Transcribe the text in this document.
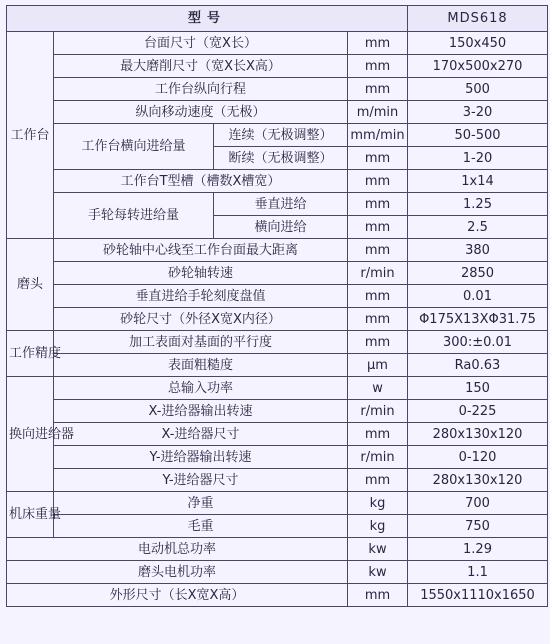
型号				MDS618
工作台	台面尺寸（宽X长）		mm	150x450
	最大磨削尺寸（宽X长X高）		mm	170x500x270
	工作台纵向行程		mm	500
	纵向移动速度（无极）		m/min	3-20
	工作台横向进给量	连续（无极调整）	mm/min	50-500
		断续（无极调整）	mm	1-20
	工作台T型槽（槽数X槽宽）		mm	1x14
	手轮每转进给量	垂直进给	mm	1.25
		横向进给	mm	2.5
磨头	砂轮轴中心线至工作台面最大距离		mm	380
	砂轮轴转速		r/min	2850
	垂直进给手轮刻度盘值		mm	0.01
	砂轮尺寸（外径X宽X内径）		mm	Φ175X13XΦ31.75
工作精度	加工表面对基面的平行度		mm	300:±0.01
	表面粗糙度		μm	Ra0.63
换向进给器	总输入功率		w	150
	X-进给器输出转速		r/min	0-225
	X-进给器尺寸		mm	280x130x120
	Y-进给器输出转速		r/min	0-120
	Y-进给器尺寸		mm	280x130x120
机床重量	净重		kg	700
	毛重		kg	750
电动机总功率			kw	1.29
磨头电机功率			kw	1.1
外形尺寸（长X宽X高）			mm	1550x1110x1650
